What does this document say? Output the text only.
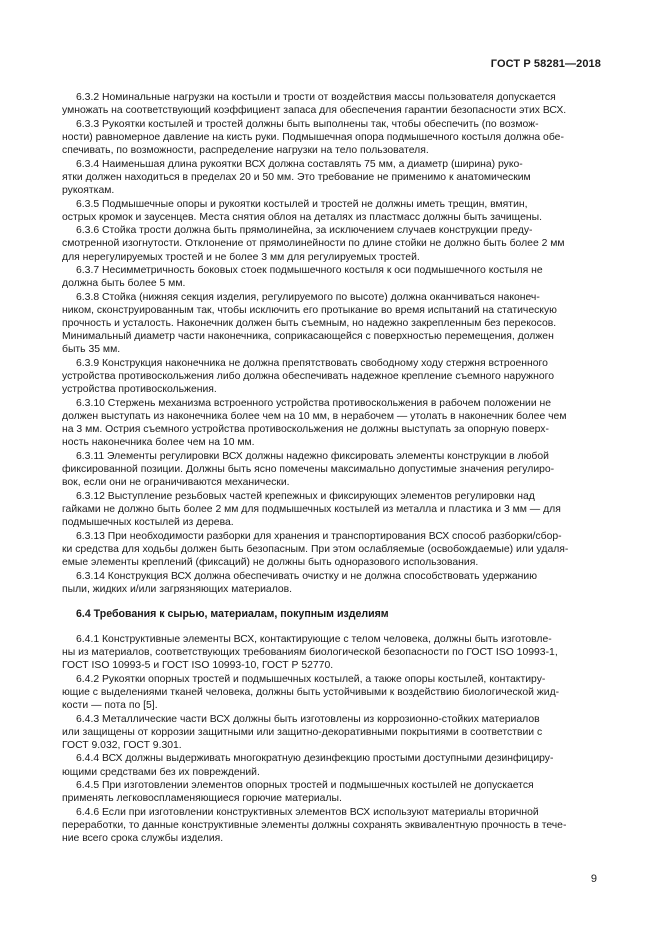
ГОСТ Р 58281—2018
6.3.2 Номинальные нагрузки на костыли и трости от воздействия массы пользователя допускается
умножать на соответствующий коэффициент запаса для обеспечения гарантии безопасности этих ВСХ.
6.3.3 Рукоятки костылей и тростей должны быть выполнены так, чтобы обеспечить (по возмож-
ности) равномерное давление на кисть руки. Подмышечная опора подмышечного костыля должна обе-
спечивать, по возможности, распределение нагрузки на тело пользователя.
6.3.4 Наименьшая длина рукоятки ВСХ должна составлять 75 мм, а диаметр (ширина) руко-
ятки должен находиться в пределах 20 и 50 мм. Это требование не применимо к анатомическим
рукояткам.
6.3.5 Подмышечные опоры и рукоятки костылей и тростей не должны иметь трещин, вмятин,
острых кромок и заусенцев. Места снятия облоя на деталях из пластмасс должны быть зачищены.
6.3.6 Стойка трости должна быть прямолинейна, за исключением случаев конструкции преду-
смотренной изогнутости. Отклонение от прямолинейности по длине стойки не должно быть более 2 мм
для нерегулируемых тростей и не более 3 мм для регулируемых тростей.
6.3.7 Несимметричность боковых стоек подмышечного костыля к оси подмышечного костыля не
должна быть более 5 мм.
6.3.8 Стойка (нижняя секция изделия, регулируемого по высоте) должна оканчиваться наконеч-
ником, сконструированным так, чтобы исключить его протыкание во время испытаний на статическую
прочность и усталость. Наконечник должен быть съемным, но надежно закрепленным без перекосов.
Минимальный диаметр части наконечника, соприкасающейся с поверхностью перемещения, должен
быть 35 мм.
6.3.9 Конструкция наконечника не должна препятствовать свободному ходу стержня встроенного
устройства противоскольжения либо должна обеспечивать надежное крепление съемного наружного
устройства противоскольжения.
6.3.10 Стержень механизма встроенного устройства противоскольжения в рабочем положении не
должен выступать из наконечника более чем на 10 мм, в нерабочем — утолать в наконечник более чем
на 3 мм. Острия съемного устройства противоскольжения не должны выступать за опорную поверх-
ность наконечника более чем на 10 мм.
6.3.11 Элементы регулировки ВСХ должны надежно фиксировать элементы конструкции в любой
фиксированной позиции. Должны быть ясно помечены максимально допустимые значения регулиро-
вок, если они не ограничиваются механически.
6.3.12 Выступление резьбовых частей крепежных и фиксирующих элементов регулировки над
гайками не должно быть более 2 мм для подмышечных костылей из металла и пластика и 3 мм — для
подмышечных костылей из дерева.
6.3.13 При необходимости разборки для хранения и транспортирования ВСХ способ разборки/сбор-
ки средства для ходьбы должен быть безопасным. При этом ослабляемые (освобождаемые) или удаля-
емые элементы креплений (фиксаций) не должны быть одноразового использования.
6.3.14 Конструкция ВСХ должна обеспечивать очистку и не должна способствовать удержанию
пыли, жидких и/или загрязняющих материалов.
6.4 Требования к сырью, материалам, покупным изделиям
6.4.1 Конструктивные элементы ВСХ, контактирующие с телом человека, должны быть изготовле-
ны из материалов, соответствующих требованиям биологической безопасности по ГОСТ ISO 10993-1,
ГОСТ ISO 10993-5 и ГОСТ ISO 10993-10, ГОСТ Р 52770.
6.4.2 Рукоятки опорных тростей и подмышечных костылей, а также опоры костылей, контактиру-
ющие с выделениями тканей человека, должны быть устойчивыми к воздействию биологической жид-
кости — пота по [5].
6.4.3 Металлические части ВСХ должны быть изготовлены из коррозионно-стойких материалов
или защищены от коррозии защитными или защитно-декоративными покрытиями в соответствии с
ГОСТ 9.032, ГОСТ 9.301.
6.4.4 ВСХ должны выдерживать многократную дезинфекцию простыми доступными дезинфициру-
ющими средствами без их повреждений.
6.4.5 При изготовлении элементов опорных тростей и подмышечных костылей не допускается
применять легковоспламеняющиеся горючие материалы.
6.4.6 Если при изготовлении конструктивных элементов ВСХ используют материалы вторичной
переработки, то данные конструктивные элементы должны сохранять эквивалентную прочность в тече-
ние всего срока службы изделия.
9
